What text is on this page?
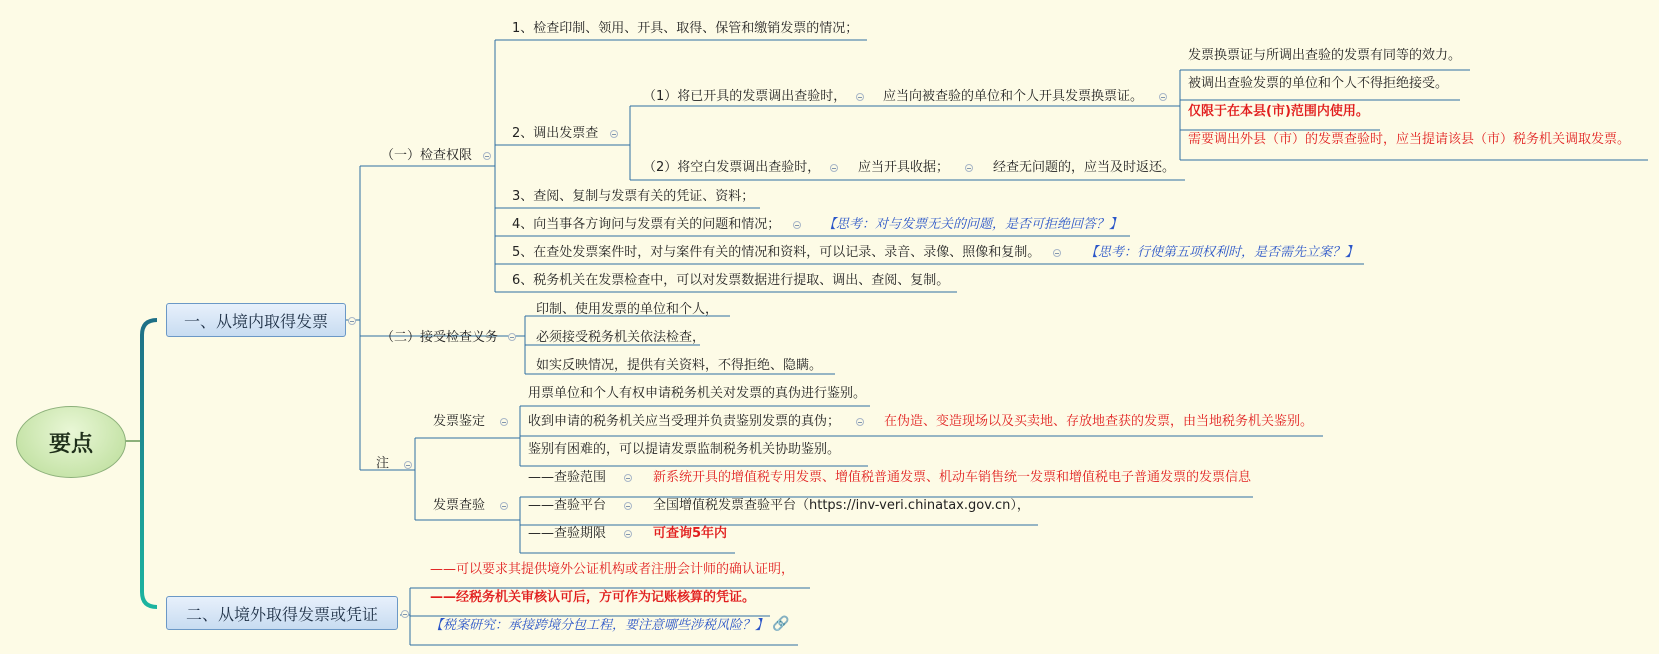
要点
一、从境内取得发票
二、从境外取得发票或凭证
（一）检查权限
1、检查印制、领用、开具、取得、保管和缴销发票的情况；
2、调出发票查
（1）将已开具的发票调出查验时，	应当向被查验的单位和个人开具发票换票证。
发票换票证与所调出查验的发票有同等的效力。
被调出查验发票的单位和个人不得拒绝接受。
仅限于在本县(市)范围内使用。
需要调出外县（市）的发票查验时，应当提请该县（市）税务机关调取发票。
（2）将空白发票调出查验时，	应当开具收据；	经查无问题的，应当及时返还。
3、查阅、复制与发票有关的凭证、资料；
4、向当事各方询问与发票有关的问题和情况；	【思考：对与发票无关的问题，是否可拒绝回答？】
5、在查处发票案件时，对与案件有关的情况和资料，可以记录、录音、录像、照像和复制。	【思考：行使第五项权利时，是否需先立案？】
6、税务机关在发票检查中，可以对发票数据进行提取、调出、查阅、复制。
（二）接受检查义务
印制、使用发票的单位和个人，
必须接受税务机关依法检查，
如实反映情况，提供有关资料，不得拒绝、隐瞒。
注
发票鉴定
用票单位和个人有权申请税务机关对发票的真伪进行鉴别。
收到申请的税务机关应当受理并负责鉴别发票的真伪；	在伪造、变造现场以及买卖地、存放地查获的发票，由当地税务机关鉴别。
鉴别有困难的，可以提请发票监制税务机关协助鉴别。
发票查验
——查验范围	新系统开具的增值税专用发票、增值税普通发票、机动车销售统一发票和增值税电子普通发票的发票信息
——查验平台	全国增值税发票查验平台（https://inv-veri.chinatax.gov.cn），
——查验期限	可查询5年内
——可以要求其提供境外公证机构或者注册会计师的确认证明，
——经税务机关审核认可后，方可作为记账核算的凭证。
【税案研究：承接跨境分包工程，要注意哪些涉税风险？】 🔗
